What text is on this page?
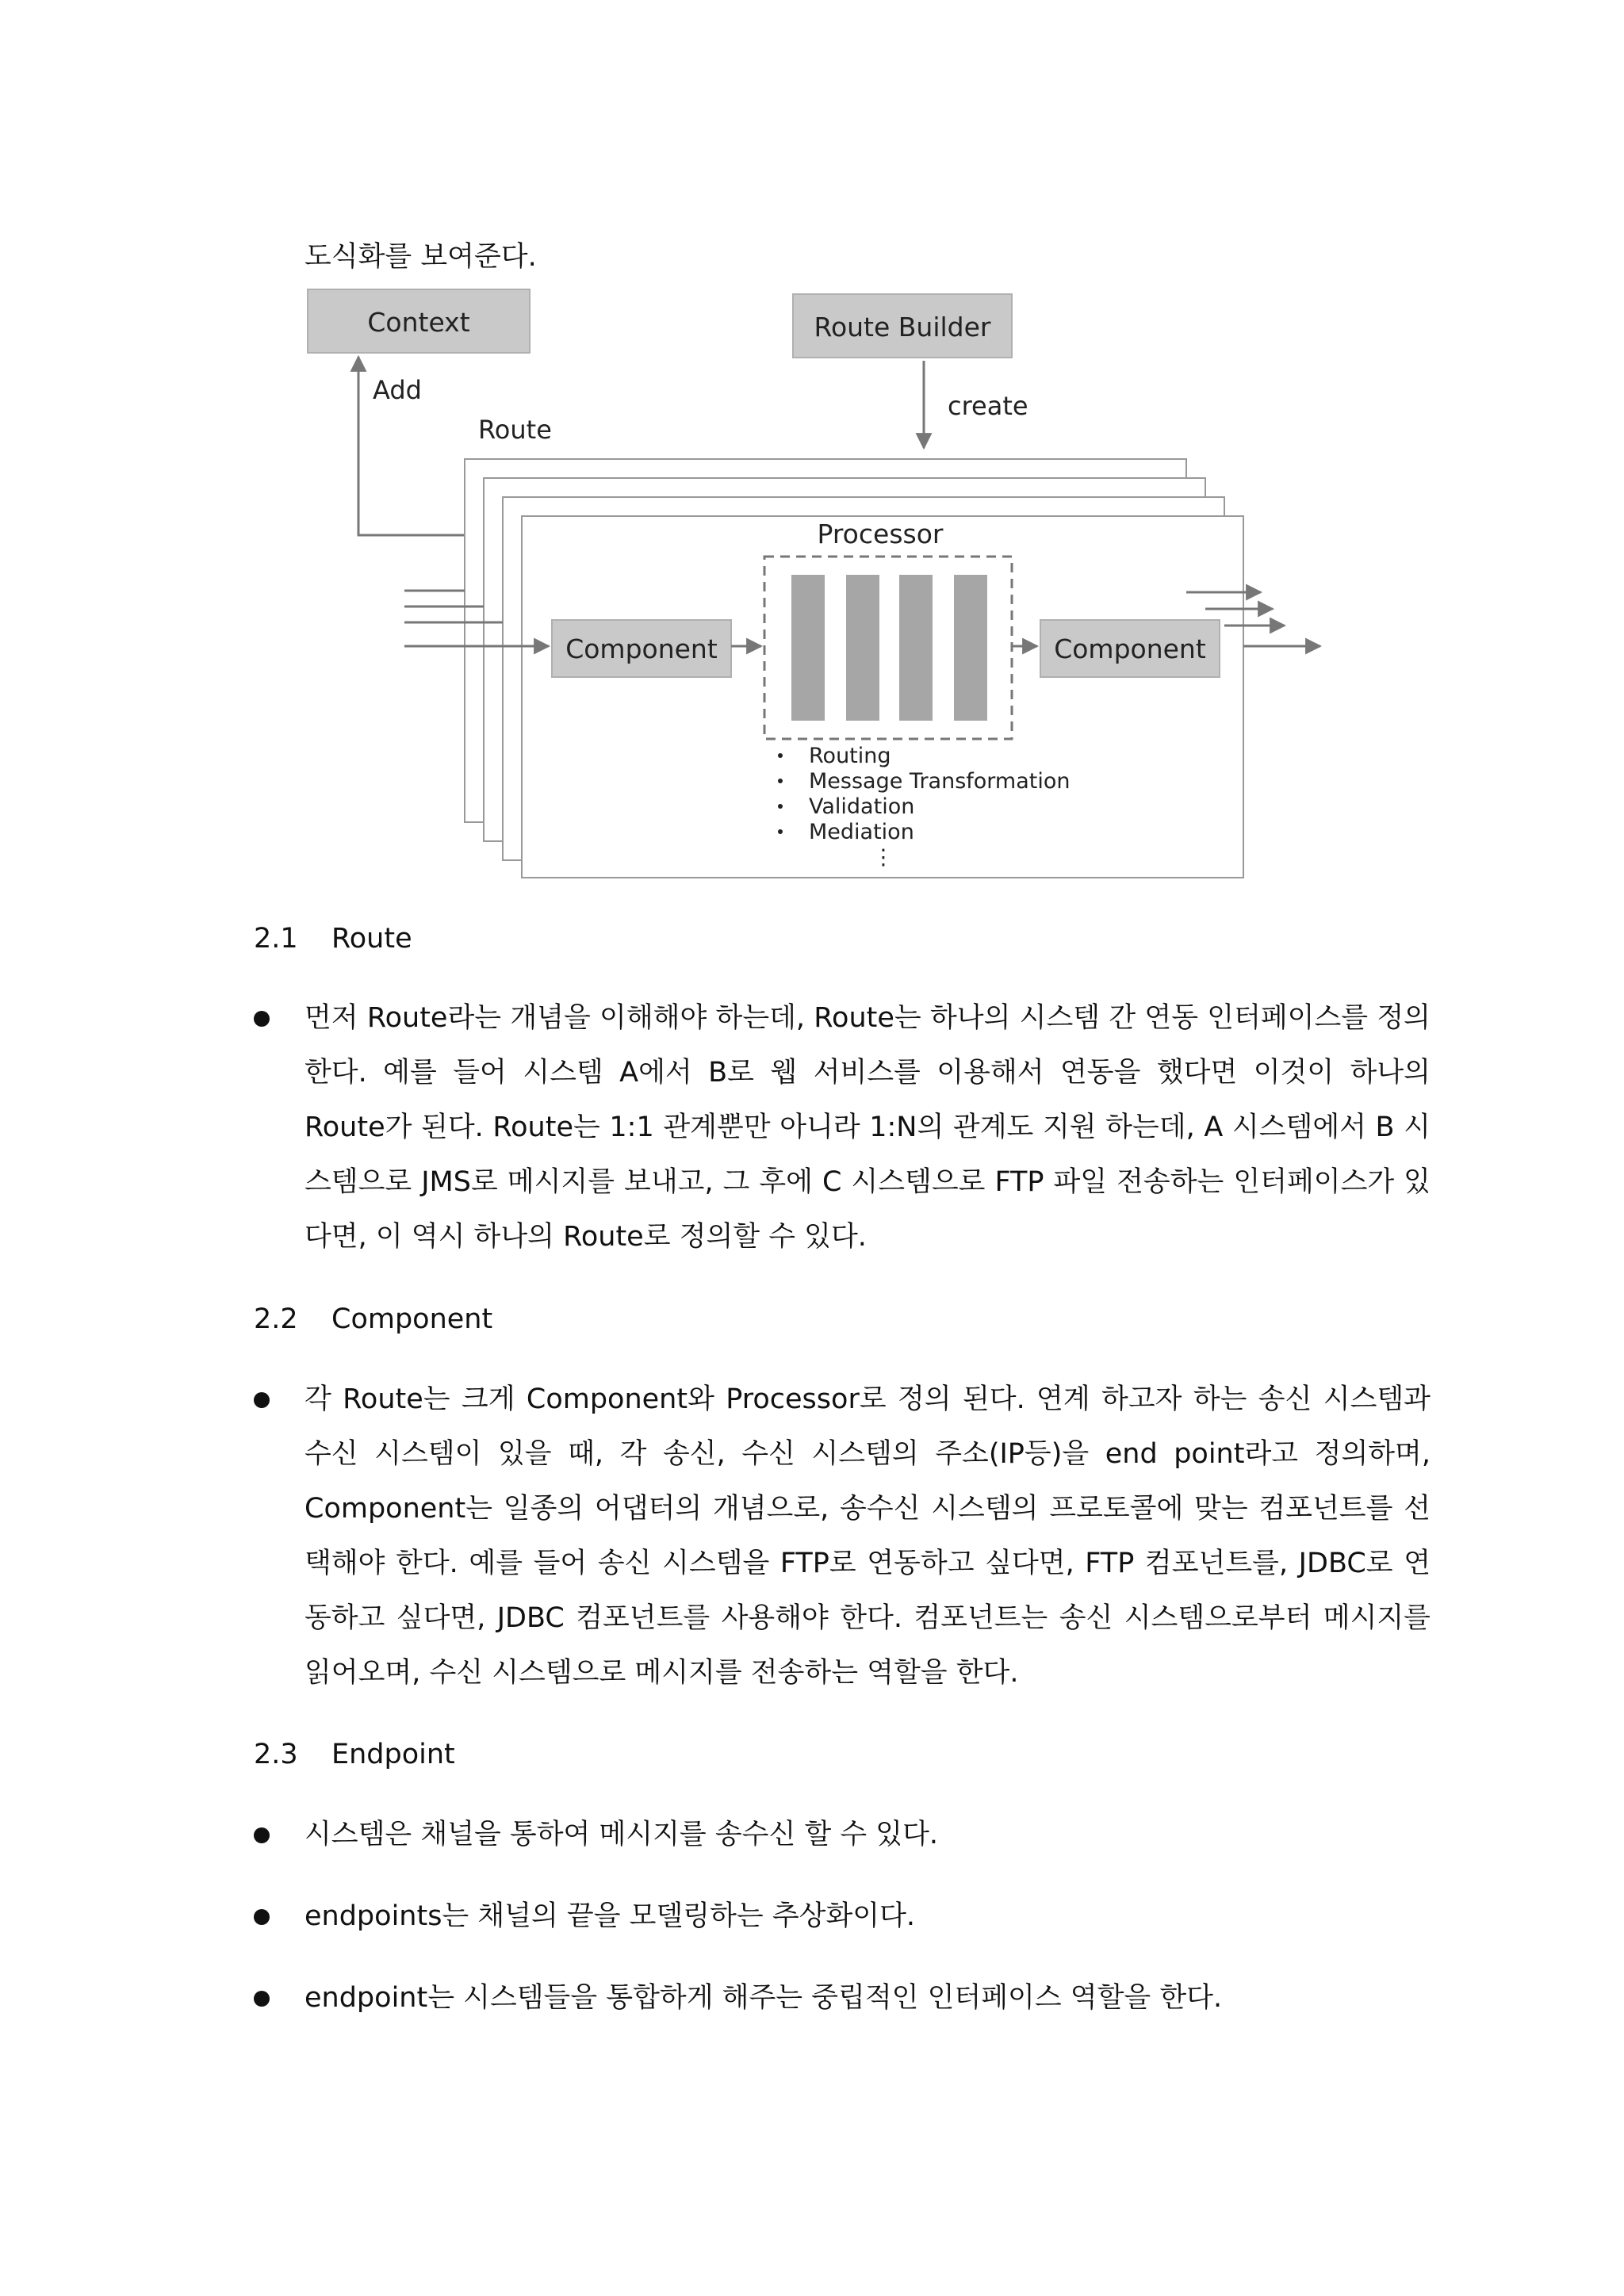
도식화를 보여준다.
Context	Route Builder
Add
create
Route
Component
Processor
Component
Routing
Message Transformation
Validation
Mediation
⋮
2.1 Route
먼저 Route라는 개념을 이해해야 하는데, Route는 하나의 시스템 간 연동 인터페이스를 정의한다. 예를 들어 시스템 A에서 B로 웹 서비스를 이용해서 연동을 했다면 이것이 하나의 Route가 된다. Route는 1:1 관계뿐만 아니라 1:N의 관계도 지원 하는데, A 시스템에서 B 시스템으로 JMS로 메시지를 보내고, 그 후에 C 시스템으로 FTP 파일 전송하는 인터페이스가 있다면, 이 역시 하나의 Route로 정의할 수 있다.
2.2 Component
각 Route는 크게 Component와 Processor로 정의 된다. 연계 하고자 하는 송신 시스템과 수신 시스템이 있을 때, 각 송신, 수신 시스템의 주소(IP등)을 end point라고 정의하며, Component는 일종의 어댑터의 개념으로, 송수신 시스템의 프로토콜에 맞는 컴포넌트를 선택해야 한다. 예를 들어 송신 시스템을 FTP로 연동하고 싶다면, FTP 컴포넌트를, JDBC로 연동하고 싶다면, JDBC 컴포넌트를 사용해야 한다. 컴포넌트는 송신 시스템으로부터 메시지를 읽어오며, 수신 시스템으로 메시지를 전송하는 역할을 한다.
2.3 Endpoint
시스템은 채널을 통하여 메시지를 송수신 할 수 있다.
endpoints는 채널의 끝을 모델링하는 추상화이다.
endpoint는 시스템들을 통합하게 해주는 중립적인 인터페이스 역할을 한다.
